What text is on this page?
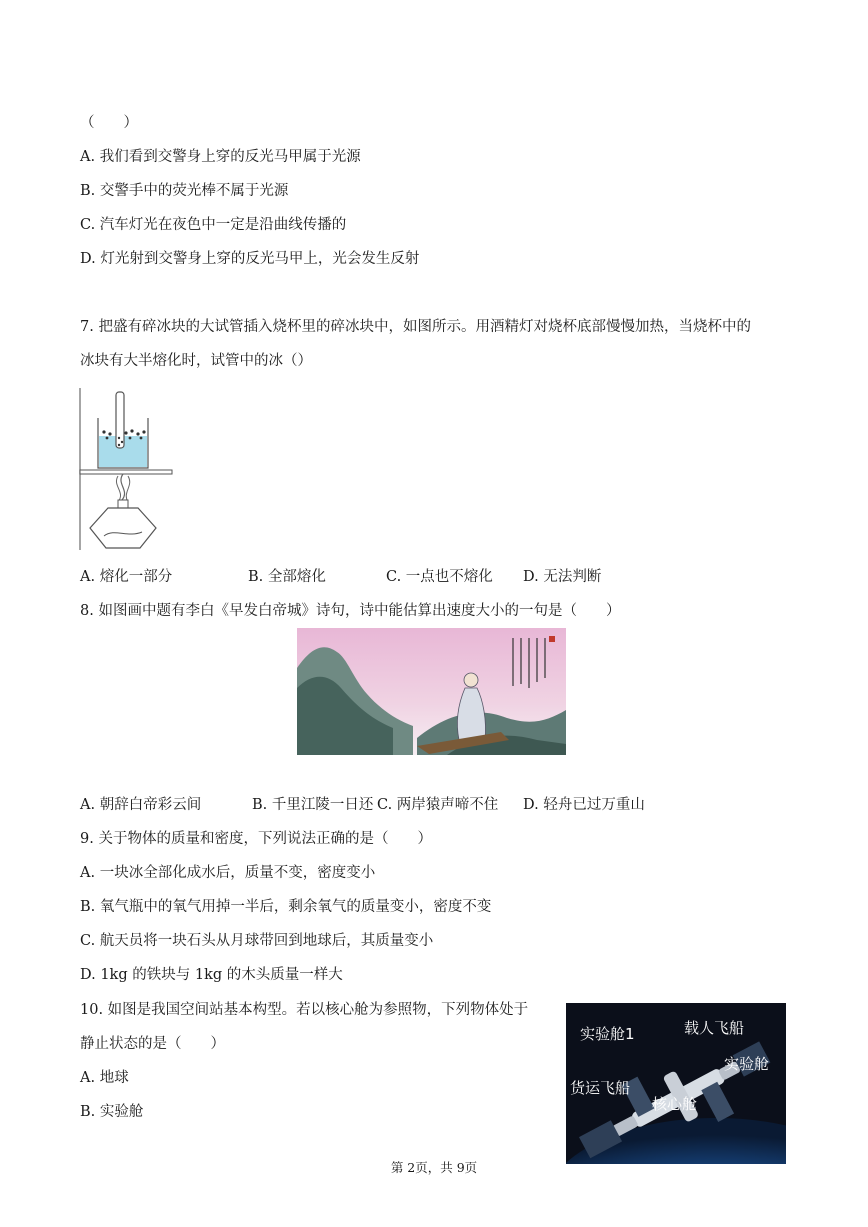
（　　）
A. 我们看到交警身上穿的反光马甲属于光源
B. 交警手中的荧光棒不属于光源
C. 汽车灯光在夜色中一定是沿曲线传播的
D. 灯光射到交警身上穿的反光马甲上，光会发生反射
7. 把盛有碎冰块的大试管插入烧杯里的碎冰块中，如图所示。用酒精灯对烧杯底部慢慢加热，当烧杯中的
冰块有大半熔化时，试管中的冰（）
A. 熔化一部分	B. 全部熔化	C. 一点也不熔化 D. 无法判断
8. 如图画中题有李白《早发白帝城》诗句，诗中能估算出速度大小的一句是（　　）
A. 朝辞白帝彩云间	B. 千里江陵一日还 C. 两岸猿声啼不住 D. 轻舟已过万重山
9. 关于物体的质量和密度，下列说法正确的是（　　）
A. 一块冰全部化成水后，质量不变，密度变小
B. 氧气瓶中的氧气用掉一半后，剩余氧气的质量变小，密度不变
C. 航天员将一块石头从月球带回到地球后，其质量变小
D. 1kg 的铁块与 1kg 的木头质量一样大
10. 如图是我国空间站基本构型。若以核心舱为参照物，下列物体处于
静止状态的是（　　）
A. 地球
B. 实验舱
实验舱1	载人飞船
实验舱
货运飞船
核心舱
第 2页，共 9页
